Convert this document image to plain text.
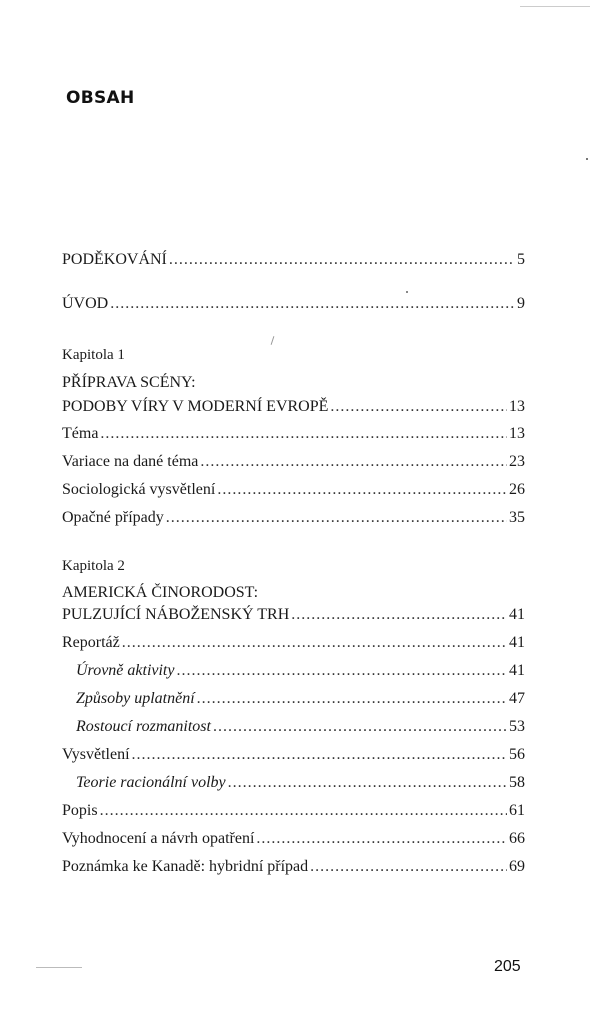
OBSAH
PODĚKOVÁNÍ .....	5
ÚVOD .....	9
Kapitola 1
PŘÍPRAVA SCÉNY:
PODOBY VÍRY V MODERNÍ EVROPĚ .....	13
Téma .....	13
Variace na dané téma .....	23
Sociologická vysvětlení .....	26
Opačné případy .....	35
Kapitola 2
AMERICKÁ ČINORODOST:
PULZUJÍCÍ NÁBOŽENSKÝ TRH .....	41
Reportáž .....	41
Úrovně aktivity .....	41
Způsoby uplatnění .....	47
Rostoucí rozmanitost .....	53
Vysvětlení .....	56
Teorie racionální volby .....	58
Popis .....	61
Vyhodnocení a návrh opatření .....	66
Poznámka ke Kanadě: hybridní případ .....	69
205
